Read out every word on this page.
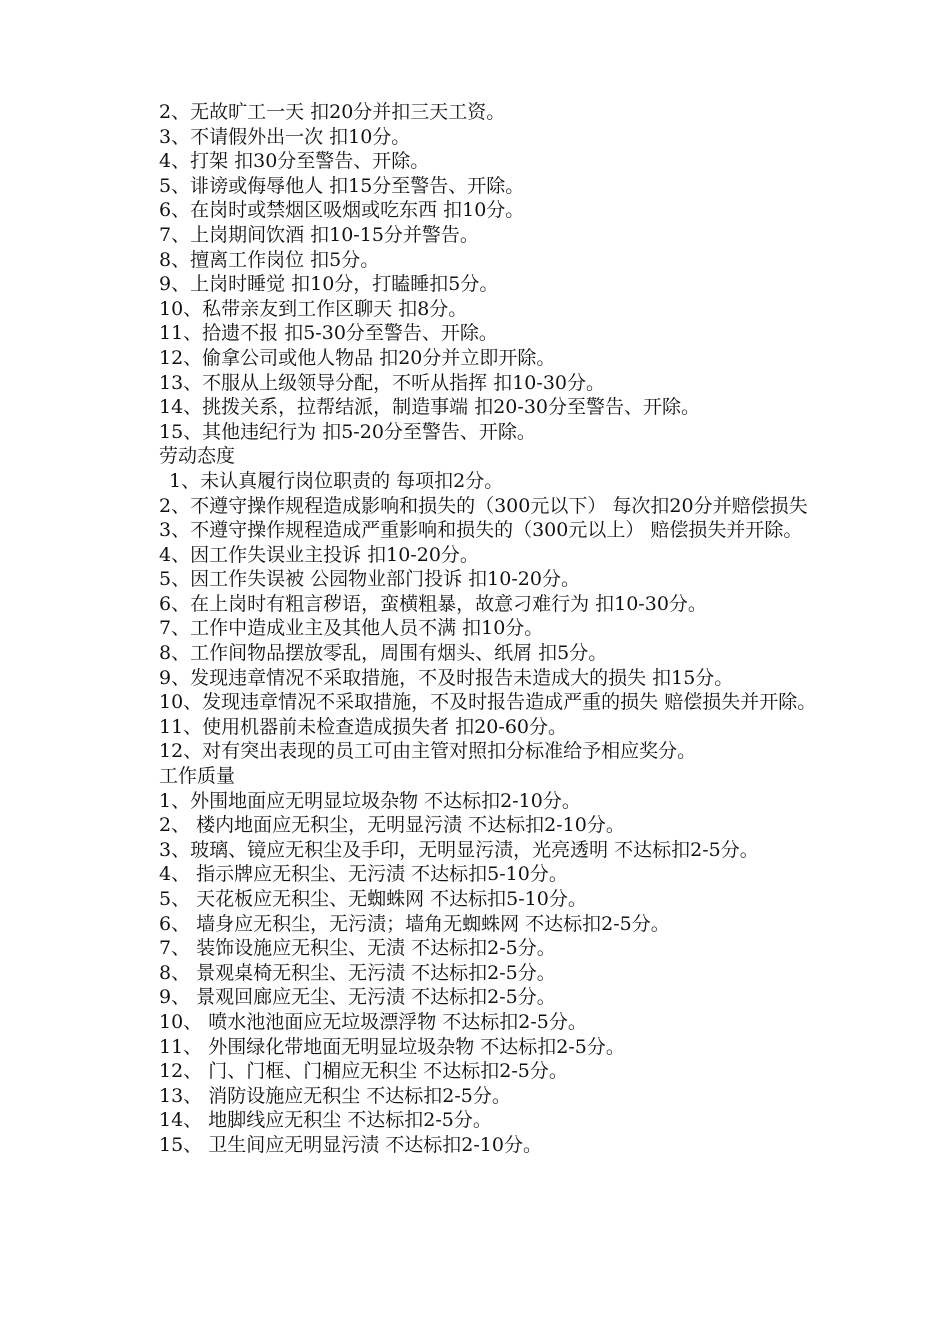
2、无故旷工一天 扣20分并扣三天工资。
3、不请假外出一次 扣10分。
4、打架 扣30分至警告、开除。
5、诽谤或侮辱他人 扣15分至警告、开除。
6、在岗时或禁烟区吸烟或吃东西 扣10分。
7、上岗期间饮酒 扣10-15分并警告。
8、擅离工作岗位 扣5分。
9、上岗时睡觉 扣10分，打瞌睡扣5分。
10、私带亲友到工作区聊天 扣8分。
11、拾遗不报 扣5-30分至警告、开除。
12、偷拿公司或他人物品 扣20分并立即开除。
13、不服从上级领导分配，不听从指挥 扣10-30分。
14、挑拨关系，拉帮结派，制造事端 扣20-30分至警告、开除。
15、其他违纪行为 扣5-20分至警告、开除。
劳动态度
1、未认真履行岗位职责的 每项扣2分。
2、不遵守操作规程造成影响和损失的（300元以下） 每次扣20分并赔偿损失
3、不遵守操作规程造成严重影响和损失的（300元以上） 赔偿损失并开除。
4、因工作失误业主投诉 扣10-20分。
5、因工作失误被 公园物业部门投诉 扣10-20分。
6、在上岗时有粗言秽语，蛮横粗暴，故意刁难行为 扣10-30分。
7、工作中造成业主及其他人员不满 扣10分。
8、工作间物品摆放零乱，周围有烟头、纸屑 扣5分。
9、发现违章情况不采取措施，不及时报告未造成大的损失 扣15分。
10、发现违章情况不采取措施，不及时报告造成严重的损失 赔偿损失并开除。
11、使用机器前未检查造成损失者 扣20-60分。
12、对有突出表现的员工可由主管对照扣分标准给予相应奖分。
工作质量
1、外围地面应无明显垃圾杂物 不达标扣2-10分。
2、 楼内地面应无积尘，无明显污渍 不达标扣2-10分。
3、玻璃、镜应无积尘及手印，无明显污渍，光亮透明 不达标扣2-5分。
4、 指示牌应无积尘、无污渍 不达标扣5-10分。
5、 天花板应无积尘、无蜘蛛网 不达标扣5-10分。
6、 墙身应无积尘，无污渍；墙角无蜘蛛网 不达标扣2-5分。
7、 装饰设施应无积尘、无渍 不达标扣2-5分。
8、 景观桌椅无积尘、无污渍 不达标扣2-5分。
9、 景观回廊应无尘、无污渍 不达标扣2-5分。
10、 喷水池池面应无垃圾漂浮物 不达标扣2-5分。
11、 外围绿化带地面无明显垃圾杂物 不达标扣2-5分。
12、 门、门框、门楣应无积尘 不达标扣2-5分。
13、 消防设施应无积尘 不达标扣2-5分。
14、 地脚线应无积尘 不达标扣2-5分。
15、 卫生间应无明显污渍 不达标扣2-10分。
